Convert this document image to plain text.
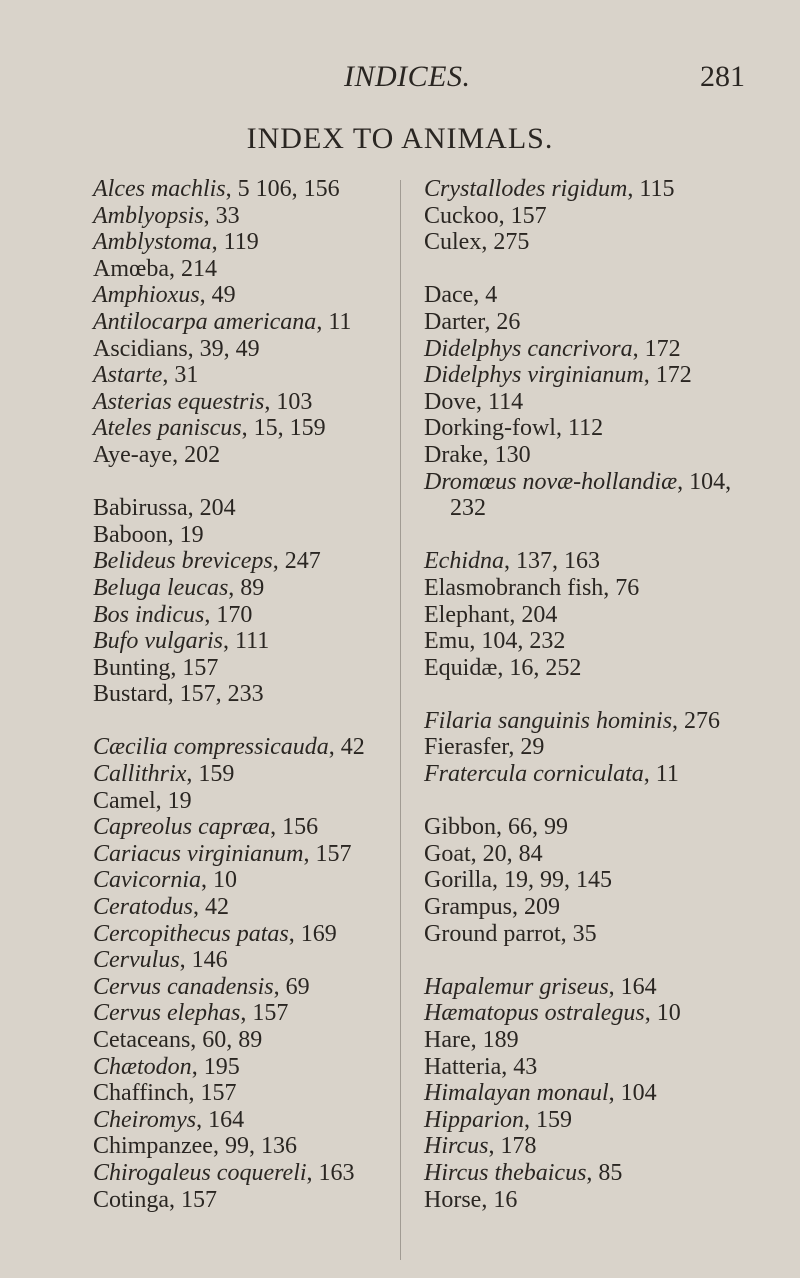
INDICES.	281
INDEX TO ANIMALS.
Alces machlis, 5 106, 156
Amblyopsis, 33
Amblystoma, 119
Amœba, 214
Amphioxus, 49
Antilocarpa americana, 11
Ascidians, 39, 49
Astarte, 31
Asterias equestris, 103
Ateles paniscus, 15, 159
Aye-aye, 202
Babirussa, 204
Baboon, 19
Belideus breviceps, 247
Beluga leucas, 89
Bos indicus, 170
Bufo vulgaris, 111
Bunting, 157
Bustard, 157, 233
Cæcilia compressicauda, 42
Callithrix, 159
Camel, 19
Capreolus capræa, 156
Cariacus virginianum, 157
Cavicornia, 10
Ceratodus, 42
Cercopithecus patas, 169
Cervulus, 146
Cervus canadensis, 69
Cervus elephas, 157
Cetaceans, 60, 89
Chætodon, 195
Chaffinch, 157
Cheiromys, 164
Chimpanzee, 99, 136
Chirogaleus coquereli, 163
Cotinga, 157
Crystallodes rigidum, 115
Cuckoo, 157
Culex, 275
Dace, 4
Darter, 26
Didelphys cancrivora, 172
Didelphys virginianum, 172
Dove, 114
Dorking-fowl, 112
Drake, 130
Dromœus novæ-hollandiæ, 104,
232
Echidna, 137, 163
Elasmobranch fish, 76
Elephant, 204
Emu, 104, 232
Equidæ, 16, 252
Filaria sanguinis hominis, 276
Fierasfer, 29
Fratercula corniculata, 11
Gibbon, 66, 99
Goat, 20, 84
Gorilla, 19, 99, 145
Grampus, 209
Ground parrot, 35
Hapalemur griseus, 164
Hæmatopus ostralegus, 10
Hare, 189
Hatteria, 43
Himalayan monaul, 104
Hipparion, 159
Hircus, 178
Hircus thebaicus, 85
Horse, 16
